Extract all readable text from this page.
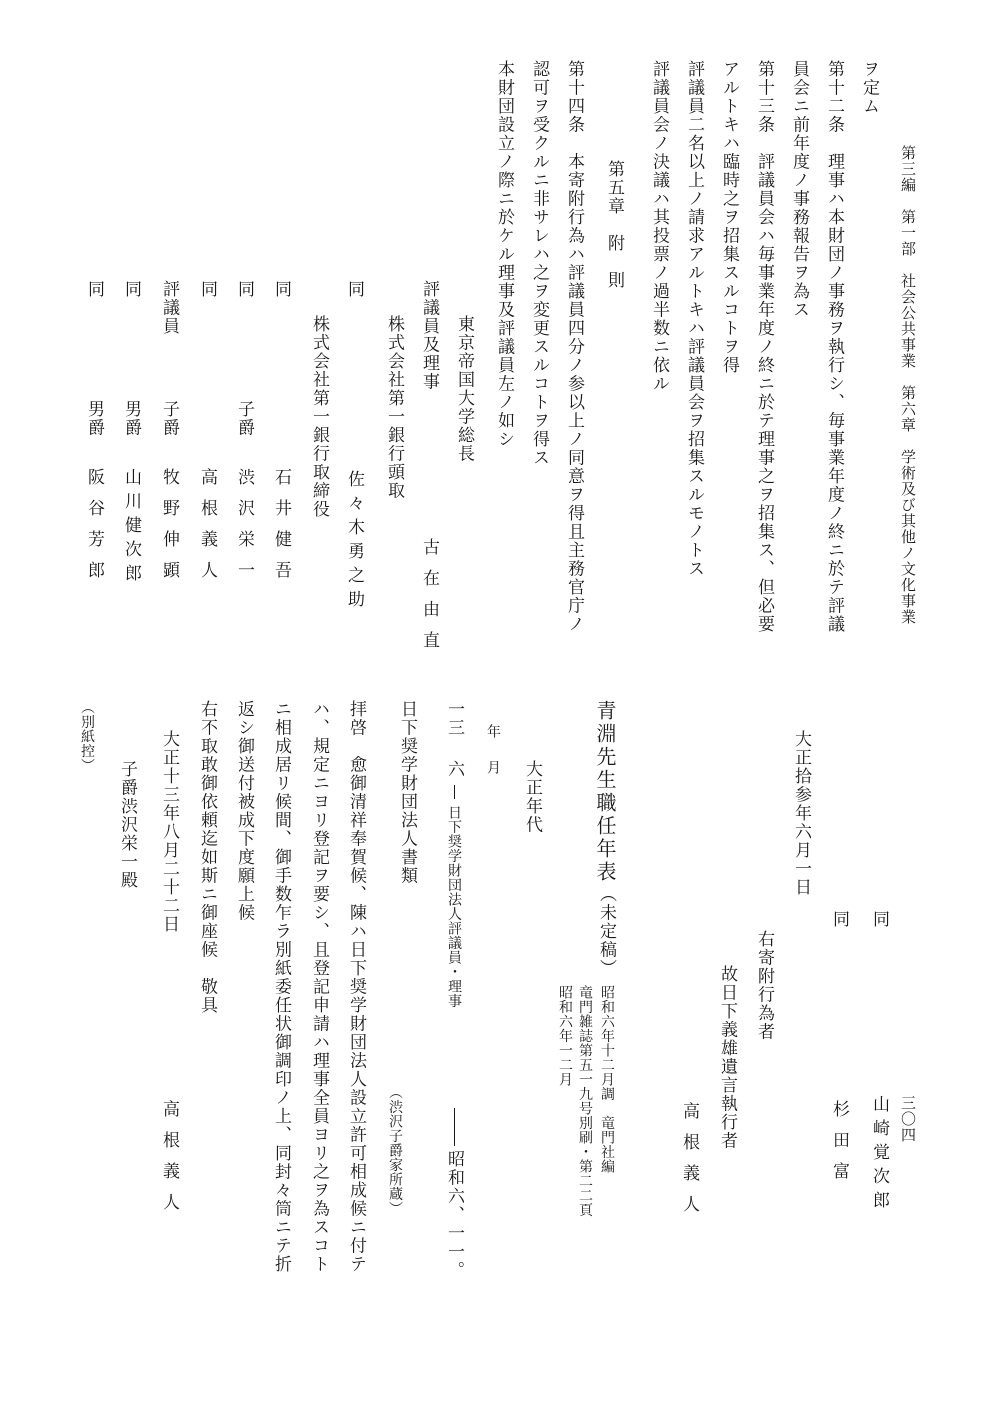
第三編　第一部　社会公共事業　第六章　学術及び其他ノ文化事業
三〇四
ヲ定ム
第十二条　理事ハ本財団ノ事務ヲ執行シ、毎事業年度ノ終ニ於テ評議
員会ニ前年度ノ事務報告ヲ為ス
第十三条　評議員会ハ毎事業年度ノ終ニ於テ理事之ヲ招集ス、但必要
アルトキハ臨時之ヲ招集スルコトヲ得
評議員二名以上ノ請求アルトキハ評議員会ヲ招集スルモノトス
評議員会ノ決議ハ其投票ノ過半数ニ依ル
第五章　附　則
第十四条　本寄附行為ハ評議員四分ノ参以上ノ同意ヲ得且主務官庁ノ
認可ヲ受クルニ非サレハ之ヲ変更スルコトヲ得ス
本財団設立ノ際ニ於ケル理事及評議員左ノ如シ
東京帝国大学総長
評議員及理事
古在由直
株式会社第一銀行頭取
同
佐々木勇之助
株式会社第一銀行取締役
同
石井健吾
同
子爵
渋沢栄一
同
高根義人
評議員
子爵
牧野伸顕
同
男爵
山川健次郎
同
男爵
阪谷芳郎
同
山崎覚次郎
同
杉田富
大正拾参年六月一日
右寄附行為者
故日下義雄遺言執行者
高根義人
青淵先生職任年表
（未定稿）
昭和六年十二月調　竜門社編
竜門雑誌第五一九号別刷・第二二頁
昭和六年一二月
大正年代
年
月
一三
六
日下奨学財団法人評議員・理事
昭和六、一一。
日下奨学財団法人書類
（渋沢子爵家所蔵）
拝啓　愈御清祥奉賀候、陳ハ日下奨学財団法人設立許可相成候ニ付テ
ハ、規定ニヨリ登記ヲ要シ、且登記申請ハ理事全員ヨリ之ヲ為スコト
ニ相成居リ候間、御手数乍ラ別紙委任状御調印ノ上、同封々筒ニテ折
返シ御送付被成下度願上候
右不取敢御依頼迄如斯ニ御座候　敬具
大正十三年八月二十二日
高根義人
子爵渋沢栄一殿
（別紙控）
